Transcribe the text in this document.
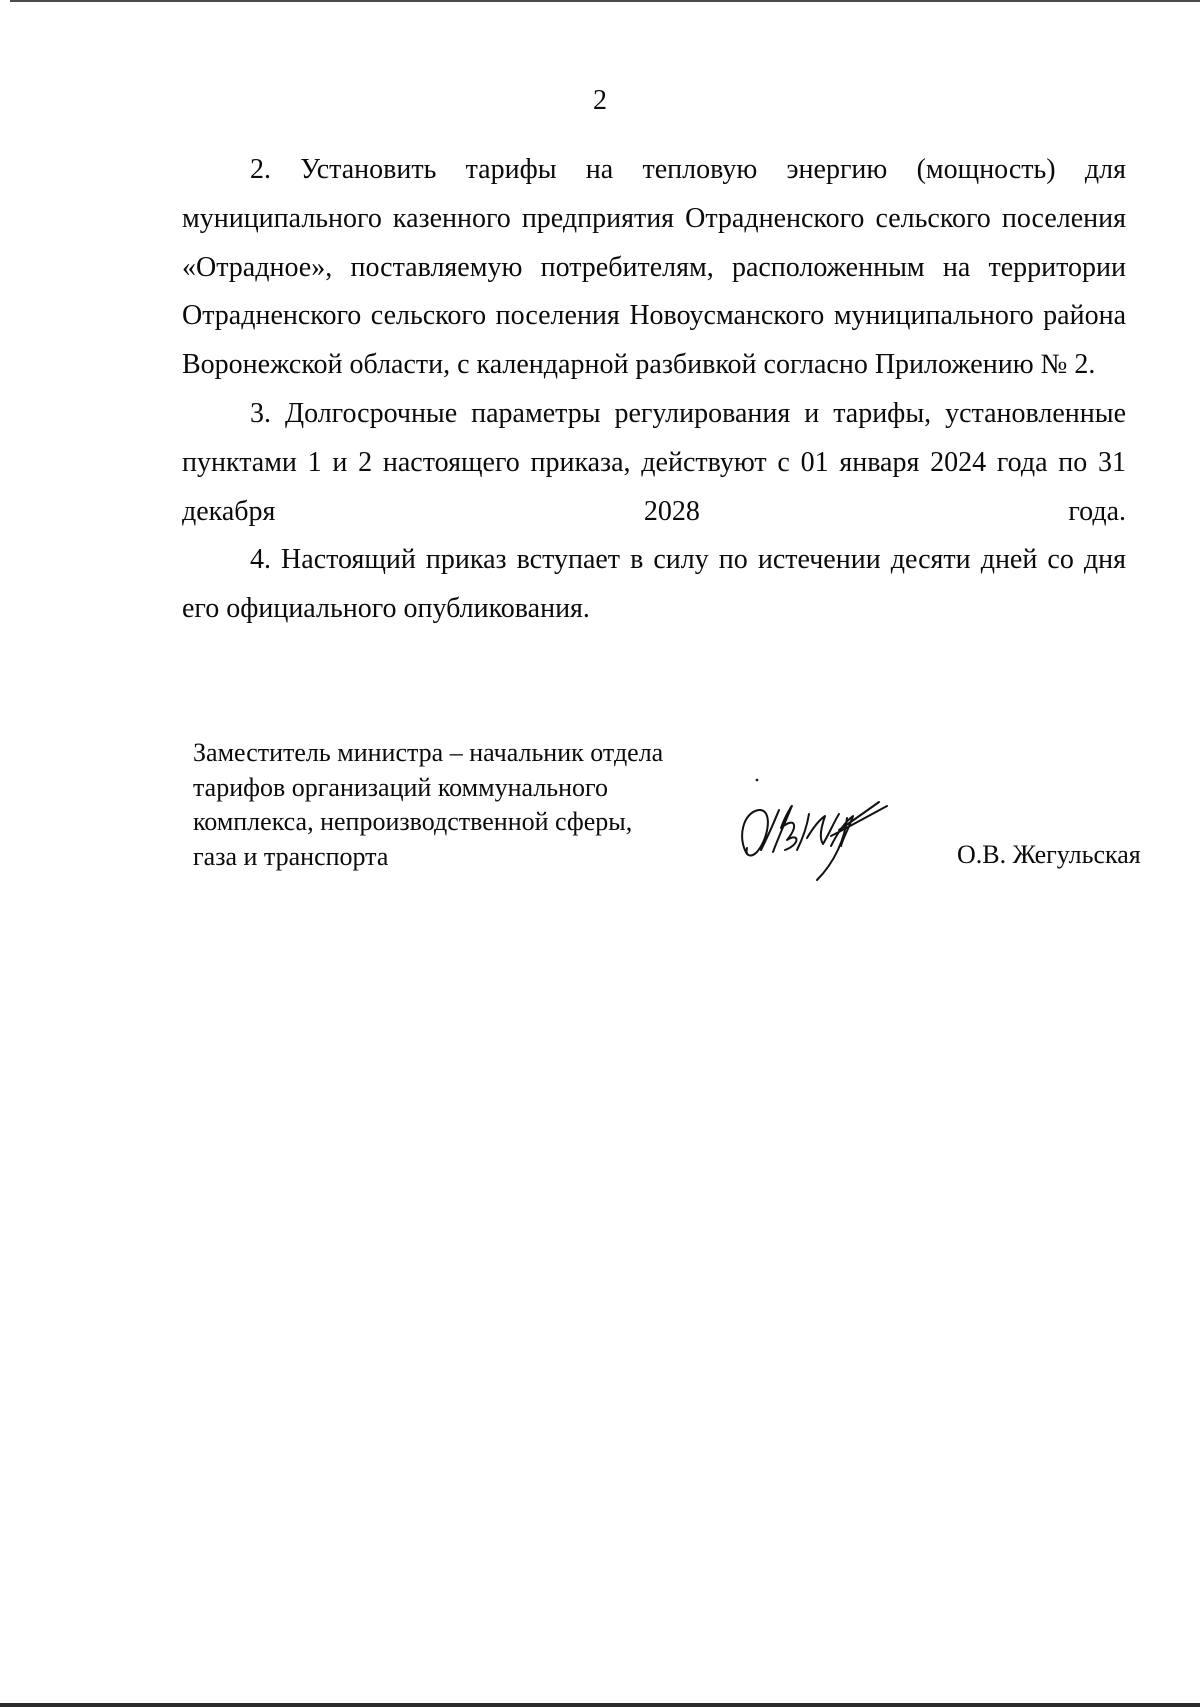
2

2. Установить тарифы на тепловую энергию (мощность) для муниципального казенного предприятия Отрадненского сельского поселения «Отрадное», поставляемую потребителям, расположенным на территории Отрадненского сельского поселения Новоусманского муниципального района Воронежской области, с календарной разбивкой согласно Приложению № 2.

3. Долгосрочные параметры регулирования и тарифы, установленные пунктами 1 и 2 настоящего приказа, действуют с 01 января 2024 года по 31 декабря 2028 года.

4. Настоящий приказ вступает в силу по истечении десяти дней со дня его официального опубликования.

Заместитель министра – начальник отдела
тарифов организаций коммунального
комплекса, непроизводственной сферы,
газа и транспорта	О.В. Жегульская
